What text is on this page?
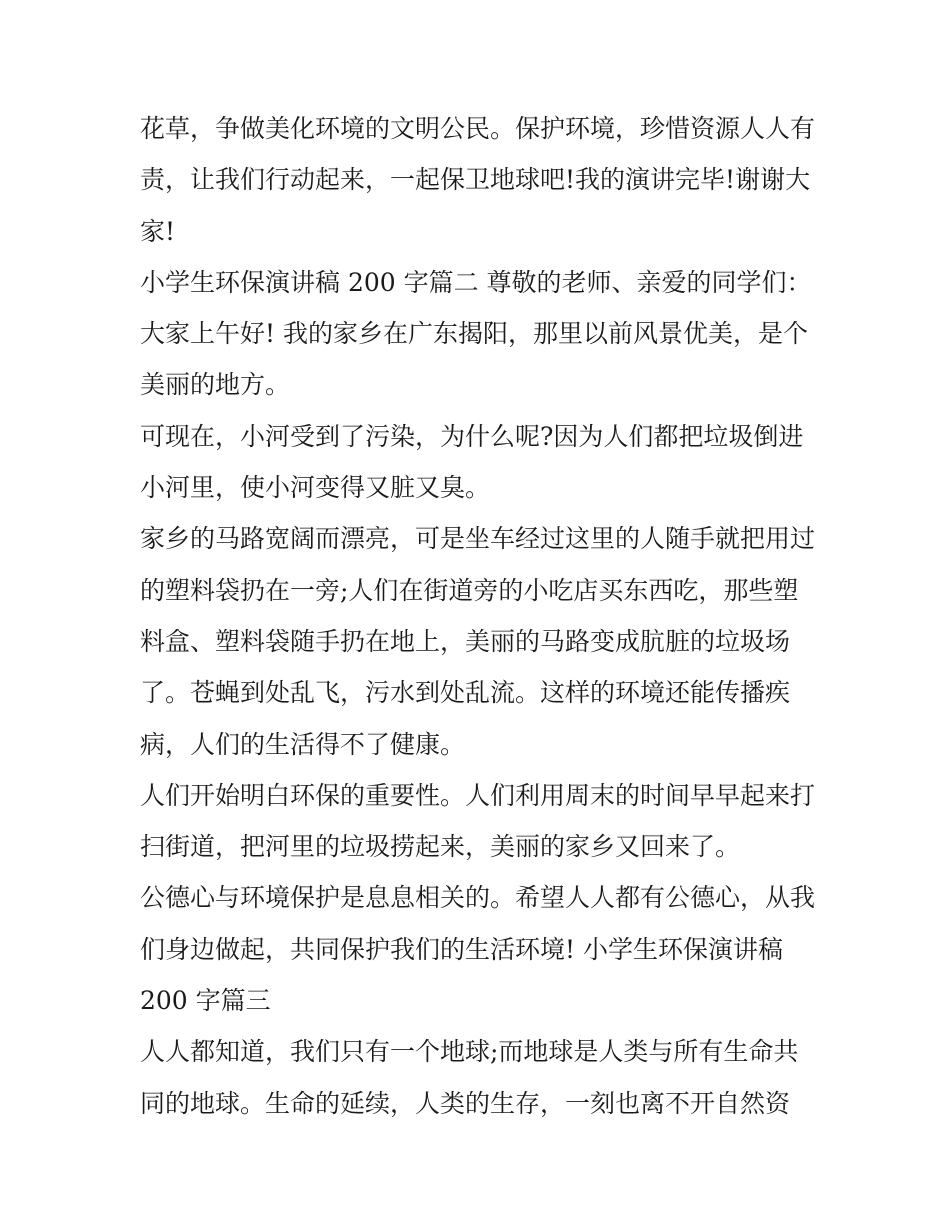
花草，争做美化环境的文明公民。保护环境，珍惜资源人人有
责，让我们行动起来，一起保卫地球吧!我的演讲完毕!谢谢大
家!
小学生环保演讲稿 200 字篇二 尊敬的老师、亲爱的同学们：
大家上午好! 我的家乡在广东揭阳，那里以前风景优美，是个
美丽的地方。
可现在，小河受到了污染，为什么呢?因为人们都把垃圾倒进
小河里，使小河变得又脏又臭。
家乡的马路宽阔而漂亮，可是坐车经过这里的人随手就把用过
的塑料袋扔在一旁;人们在街道旁的小吃店买东西吃，那些塑
料盒、塑料袋随手扔在地上，美丽的马路变成肮脏的垃圾场
了。苍蝇到处乱飞，污水到处乱流。这样的环境还能传播疾
病，人们的生活得不了健康。
人们开始明白环保的重要性。人们利用周末的时间早早起来打
扫街道，把河里的垃圾捞起来，美丽的家乡又回来了。
公德心与环境保护是息息相关的。希望人人都有公德心，从我
们身边做起，共同保护我们的生活环境! 小学生环保演讲稿
200 字篇三
人人都知道，我们只有一个地球;而地球是人类与所有生命共
同的地球。生命的延续，人类的生存，一刻也离不开自然资
